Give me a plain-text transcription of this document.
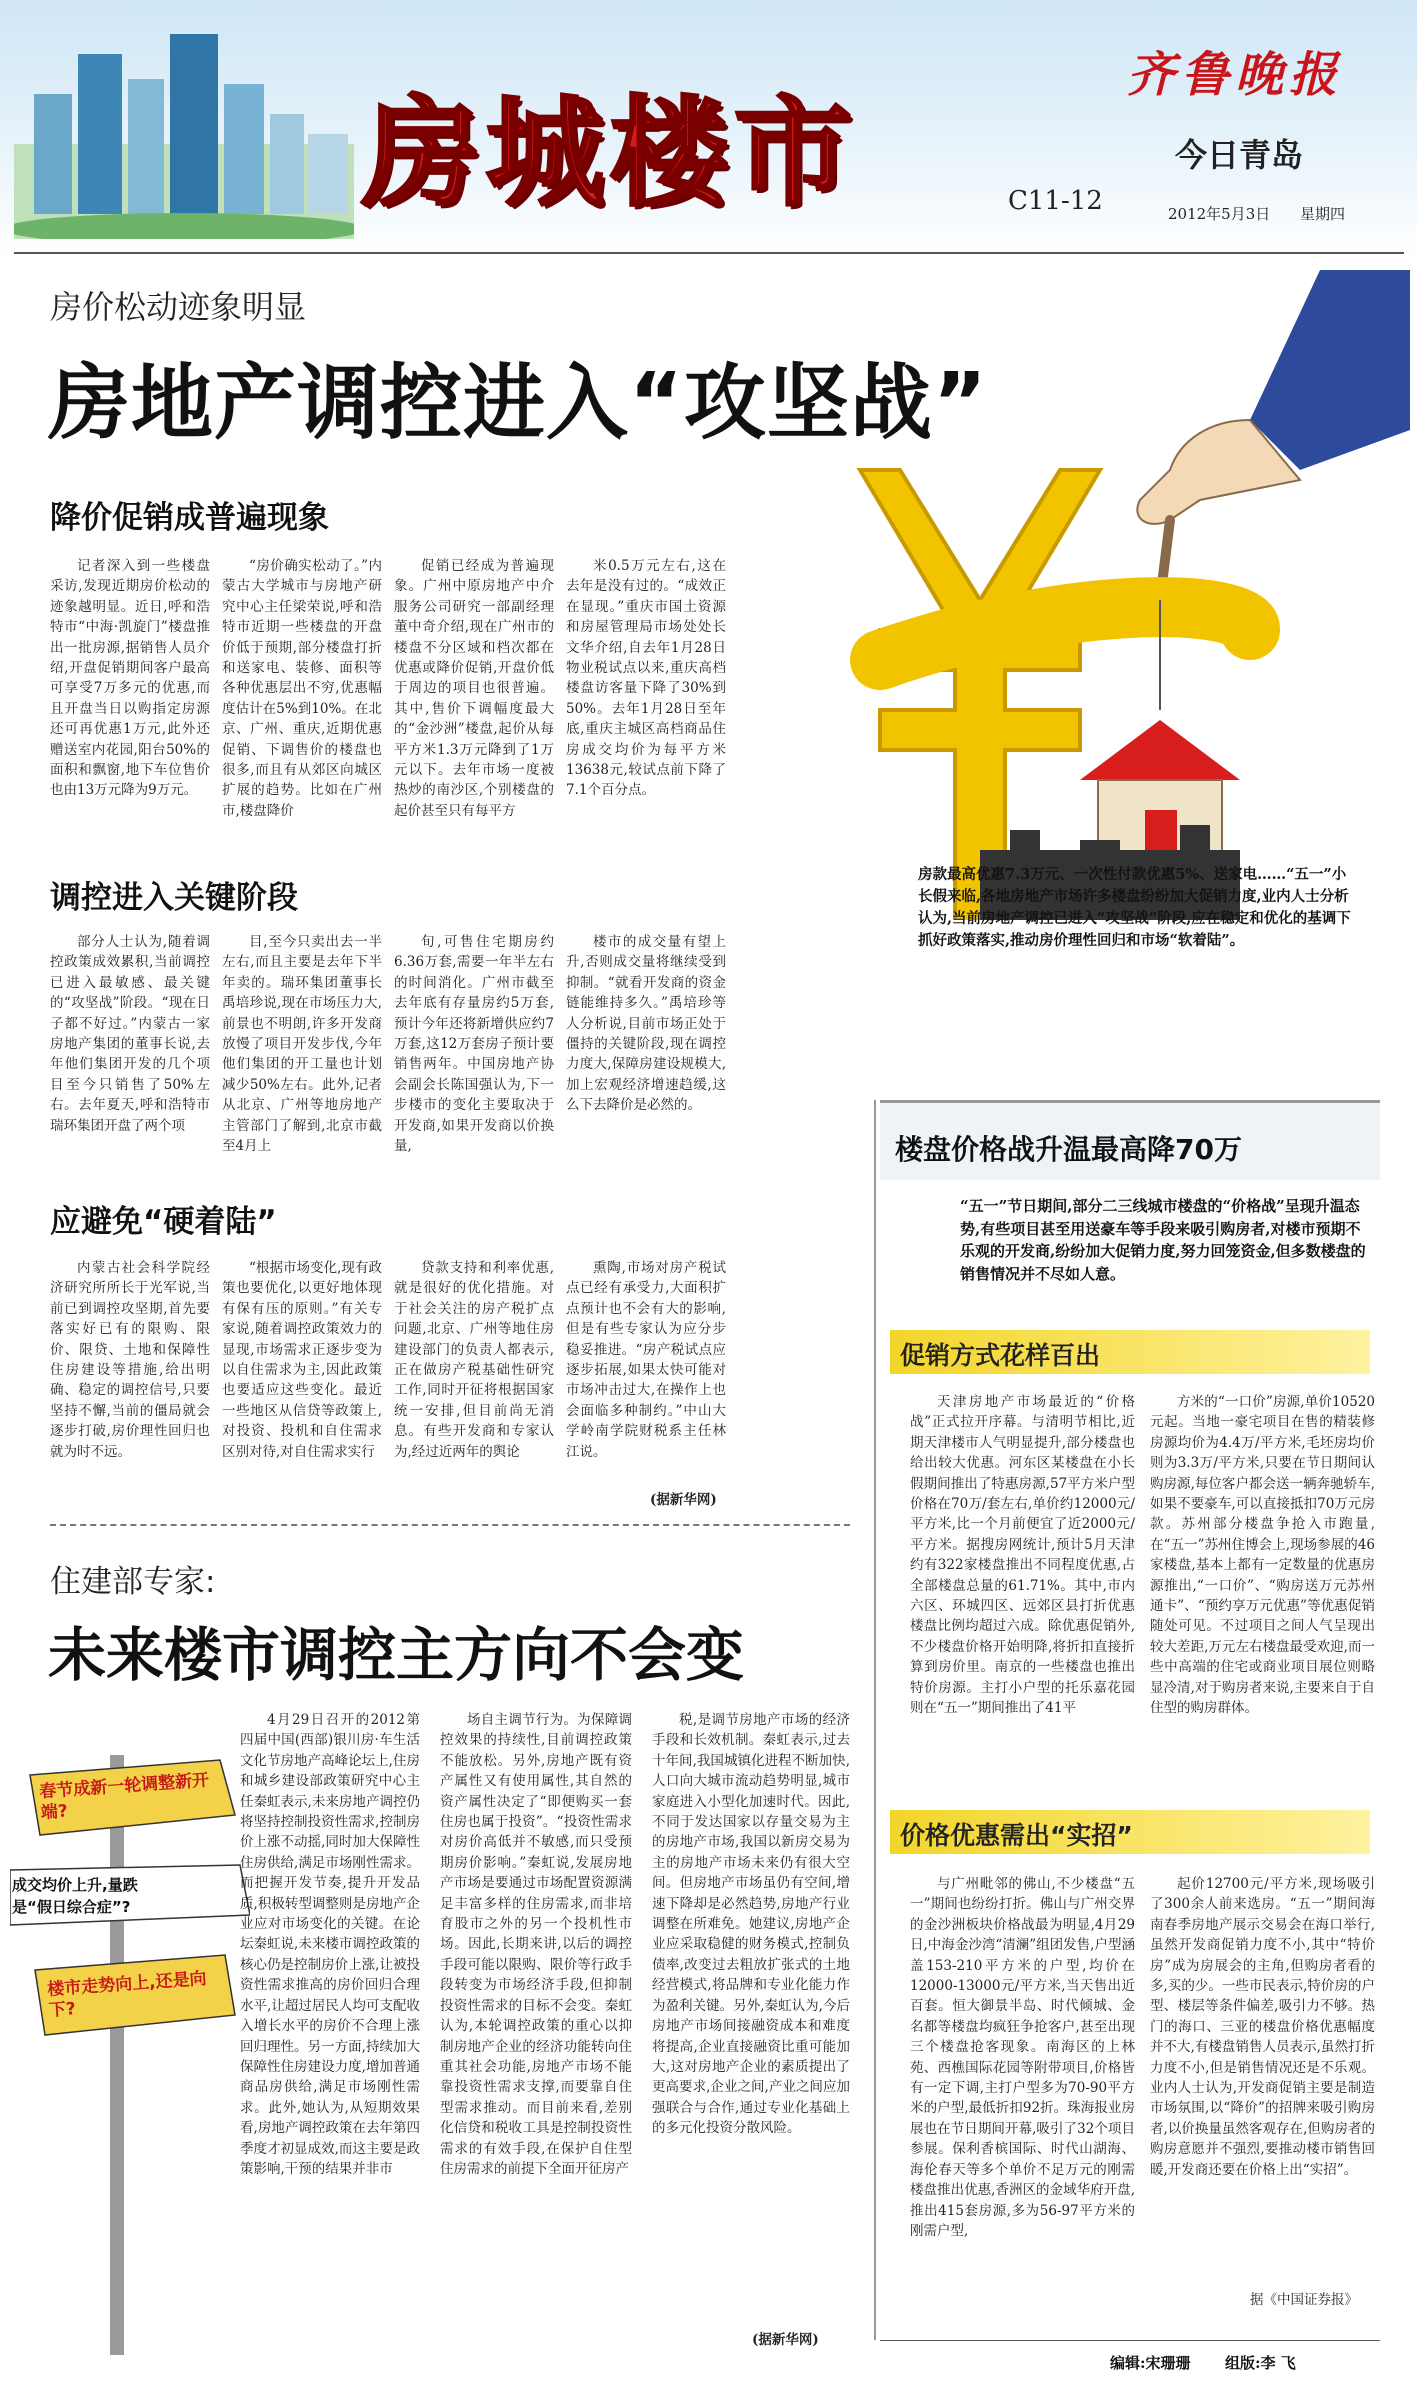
房城楼市
齐鲁晚报
今日青岛
C11-12	2012年5月3日 星期四
房价松动迹象明显
房地产调控进入“攻坚战”
房款最高优惠7.3万元、一次性付款优惠5%、送家电……“五一”小长假来临,各地房地产市场许多楼盘纷纷加大促销力度,业内人士分析认为,当前房地产调控已进入“攻坚战”阶段,应在稳定和优化的基调下抓好政策落实,推动房价理性回归和市场“软着陆”。
降价促销成普遍现象

记者深入到一些楼盘采访,发现近期房价松动的迹象越明显。近日,呼和浩特市“中海·凯旋门”楼盘推出一批房源,据销售人员介绍,开盘促销期间客户最高可享受7万多元的优惠,而且开盘当日以购指定房源还可再优惠1万元,此外还赠送室内花园,阳台50%的面积和飘窗,地下车位售价也由13万元降为9万元。

“房价确实松动了。”内蒙古大学城市与房地产研究中心主任梁荣说,呼和浩特市近期一些楼盘的开盘价低于预期,部分楼盘打折和送家电、装修、面积等各种优惠层出不穷,优惠幅度估计在5%到10%。在北京、广州、重庆,近期优惠促销、下调售价的楼盘也很多,而且有从郊区向城区扩展的趋势。比如在广州市,楼盘降价

促销已经成为普遍现象。广州中原房地产中介服务公司研究一部副经理董中奇介绍,现在广州市的楼盘不分区域和档次都在优惠或降价促销,开盘价低于周边的项目也很普遍。其中,售价下调幅度最大的“金沙洲”楼盘,起价从每平方米1.3万元降到了1万元以下。去年市场一度被热炒的南沙区,个别楼盘的起价甚至只有每平方

米0.5万元左右,这在去年是没有过的。“成效正在显现。”重庆市国土资源和房屋管理局市场处处长文华介绍,自去年1月28日物业税试点以来,重庆高档楼盘访客量下降了30%到50%。去年1月28日至年底,重庆主城区高档商品住房成交均价为每平方米13638元,较试点前下降了7.1个百分点。

调控进入关键阶段

部分人士认为,随着调控政策成效累积,当前调控已进入最敏感、最关键的“攻坚战”阶段。“现在日子都不好过。”内蒙古一家房地产集团的董事长说,去年他们集团开发的几个项目至今只销售了50%左右。去年夏天,呼和浩特市瑞环集团开盘了两个项

目,至今只卖出去一半左右,而且主要是去年下半年卖的。瑞环集团董事长禹培珍说,现在市场压力大,前景也不明朗,许多开发商放慢了项目开发步伐,今年他们集团的开工量也计划减少50%左右。此外,记者从北京、广州等地房地产主管部门了解到,北京市截至4月上

旬,可售住宅期房约6.36万套,需要一年半左右的时间消化。广州市截至去年底有存量房约5万套,预计今年还将新增供应约7万套,这12万套房子预计要销售两年。中国房地产协会副会长陈国强认为,下一步楼市的变化主要取决于开发商,如果开发商以价换量,

楼市的成交量有望上升,否则成交量将继续受到抑制。“就看开发商的资金链能维持多久。”禹培珍等人分析说,目前市场正处于僵持的关键阶段,现在调控力度大,保障房建设规模大,加上宏观经济增速趋缓,这么下去降价是必然的。

应避免“硬着陆”

内蒙古社会科学院经济研究所所长于光军说,当前已到调控攻坚期,首先要落实好已有的限购、限价、限贷、土地和保障性住房建设等措施,给出明确、稳定的调控信号,只要坚持不懈,当前的僵局就会逐步打破,房价理性回归也就为时不远。

“根据市场变化,现有政策也要优化,以更好地体现有保有压的原则。”有关专家说,随着调控政策效力的显现,市场需求正逐步变为以自住需求为主,因此政策也要适应这些变化。最近一些地区从信贷等政策上,对投资、投机和自住需求区别对待,对自住需求实行

贷款支持和利率优惠,就是很好的优化措施。对于社会关注的房产税扩点问题,北京、广州等地住房建设部门的负责人都表示,正在做房产税基础性研究工作,同时开征将根据国家统一安排,但目前尚无消息。有些开发商和专家认为,经过近两年的舆论

熏陶,市场对房产税试点已经有承受力,大面积扩点预计也不会有大的影响,但是有些专家认为应分步稳妥推进。“房产税试点应逐步拓展,如果太快可能对市场冲击过大,在操作上也会面临多种制约。”中山大学岭南学院财税系主任林江说。

(据新华网)
楼盘价格战升温最高降70万
“五一”节日期间,部分二三线城市楼盘的“价格战”呈现升温态势,有些项目甚至用送豪车等手段来吸引购房者,对楼市预期不乐观的开发商,纷纷加大促销力度,努力回笼资金,但多数楼盘的销售情况并不尽如人意。
促销方式花样百出

天津房地产市场最近的“价格战”正式拉开序幕。与清明节相比,近期天津楼市人气明显提升,部分楼盘也给出较大优惠。河东区某楼盘在小长假期间推出了特惠房源,57平方米户型价格在70万/套左右,单价约12000元/平方米,比一个月前便宜了近2000元/平方米。据搜房网统计,预计5月天津约有322家楼盘推出不同程度优惠,占全部楼盘总量的61.71%。其中,市内六区、环城四区、远郊区县打折优惠楼盘比例均超过六成。除优惠促销外,不少楼盘价格开始明降,将折扣直接折算到房价里。南京的一些楼盘也推出特价房源。主打小户型的托乐嘉花园则在“五一”期间推出了41平

方米的“一口价”房源,单价10520元起。当地一豪宅项目在售的精装修房源均价为4.4万/平方米,毛坯房均价则为3.3万/平方米,只要在节日期间认购房源,每位客户都会送一辆奔驰轿车,如果不要豪车,可以直接抵扣70万元房款。苏州部分楼盘争抢入市跑量,在“五一”苏州住博会上,现场参展的46家楼盘,基本上都有一定数量的优惠房源推出,“一口价”、“购房送万元苏州通卡”、“预约享万元优惠”等优惠促销随处可见。不过项目之间人气呈现出较大差距,万元左右楼盘最受欢迎,而一些中高端的住宅或商业项目展位则略显冷清,对于购房者来说,主要来自于自住型的购房群体。

价格优惠需出“实招”

与广州毗邻的佛山,不少楼盘“五一”期间也纷纷打折。佛山与广州交界的金沙洲板块价格战最为明显,4月29日,中海金沙湾“清澜”组团发售,户型涵盖153-210平方米的户型,均价在12000-13000元/平方米,当天售出近百套。恒大御景半岛、时代倾城、金名都等楼盘均疯狂争抢客户,甚至出现三个楼盘抢客现象。南海区的上林苑、西樵国际花园等附带项目,价格皆有一定下调,主打户型多为70-90平方米的户型,最低折扣92折。珠海报业房展也在节日期间开幕,吸引了32个项目参展。保利香槟国际、时代山湖海、海伦春天等多个单价不足万元的刚需楼盘推出优惠,香洲区的金域华府开盘,推出415套房源,多为56-97平方米的刚需户型,

起价12700元/平方米,现场吸引了300余人前来选房。“五一”期间海南春季房地产展示交易会在海口举行,虽然开发商促销力度不小,其中“特价房”成为房展会的主角,但购房者看的多,买的少。一些市民表示,特价房的户型、楼层等条件偏差,吸引力不够。热门的海口、三亚的楼盘价格优惠幅度并不大,有楼盘销售人员表示,虽然打折力度不小,但是销售情况还是不乐观。业内人士认为,开发商促销主要是制造市场氛围,以“降价”的招牌来吸引购房者,以价换量虽然客观存在,但购房者的购房意愿并不强烈,要推动楼市销售回暖,开发商还要在价格上出“实招”。

据《中国证券报》
住建部专家:
未来楼市调控主方向不会变
春节成新一轮调整新开端?
成交均价上升,量跌
是“假日综合症”?
楼市走势向上,还是向下?

4月29日召开的2012第四届中国(西部)银川房·车生活文化节房地产高峰论坛上,住房和城乡建设部政策研究中心主任秦虹表示,未来房地产调控仍将坚持控制投资性需求,控制房价上涨不动摇,同时加大保障性住房供给,满足市场刚性需求。而把握开发节奏,提升开发品质,积极转型调整则是房地产企业应对市场变化的关键。在论坛秦虹说,未来楼市调控政策的核心仍是控制房价上涨,让被投资性需求推高的房价回归合理水平,让超过居民人均可支配收入增长水平的房价不合理上涨回归理性。另一方面,持续加大保障性住房建设力度,增加普通商品房供给,满足市场刚性需求。此外,她认为,从短期效果看,房地产调控政策在去年第四季度才初显成效,而这主要是政策影响,干预的结果并非市

场自主调节行为。为保障调控效果的持续性,目前调控政策不能放松。另外,房地产既有资产属性又有使用属性,其自然的资产属性决定了“即便购买一套住房也属于投资”。“投资性需求对房价高低并不敏感,而只受预期房价影响。”秦虹说,发展房地产市场是要通过市场配置资源满足丰富多样的住房需求,而非培育股市之外的另一个投机性市场。因此,长期来讲,以后的调控手段可能以限购、限价等行政手段转变为市场经济手段,但抑制投资性需求的目标不会变。秦虹认为,本轮调控政策的重心以抑制房地产企业的经济功能转向住重其社会功能,房地产市场不能靠投资性需求支撑,而要靠自住型需求推动。而目前来看,差别化信贷和税收工具是控制投资性需求的有效手段,在保护自住型住房需求的前提下全面开征房产

税,是调节房地产市场的经济手段和长效机制。秦虹表示,过去十年间,我国城镇化进程不断加快,人口向大城市流动趋势明显,城市家庭进入小型化加速时代。因此,不同于发达国家以存量交易为主的房地产市场,我国以新房交易为主的房地产市场未来仍有很大空间。但房地产市场虽仍有空间,增速下降却是必然趋势,房地产行业调整在所难免。她建议,房地产企业应采取稳健的财务模式,控制负债率,改变过去粗放扩张式的土地经营模式,将品牌和专业化能力作为盈利关键。另外,秦虹认为,今后房地产市场间接融资成本和难度将提高,企业直接融资比重可能加大,这对房地产企业的素质提出了更高要求,企业之间,产业之间应加强联合与合作,通过专业化基础上的多元化投资分散风险。

(据新华网)
编辑:宋珊珊 组版:李 飞
